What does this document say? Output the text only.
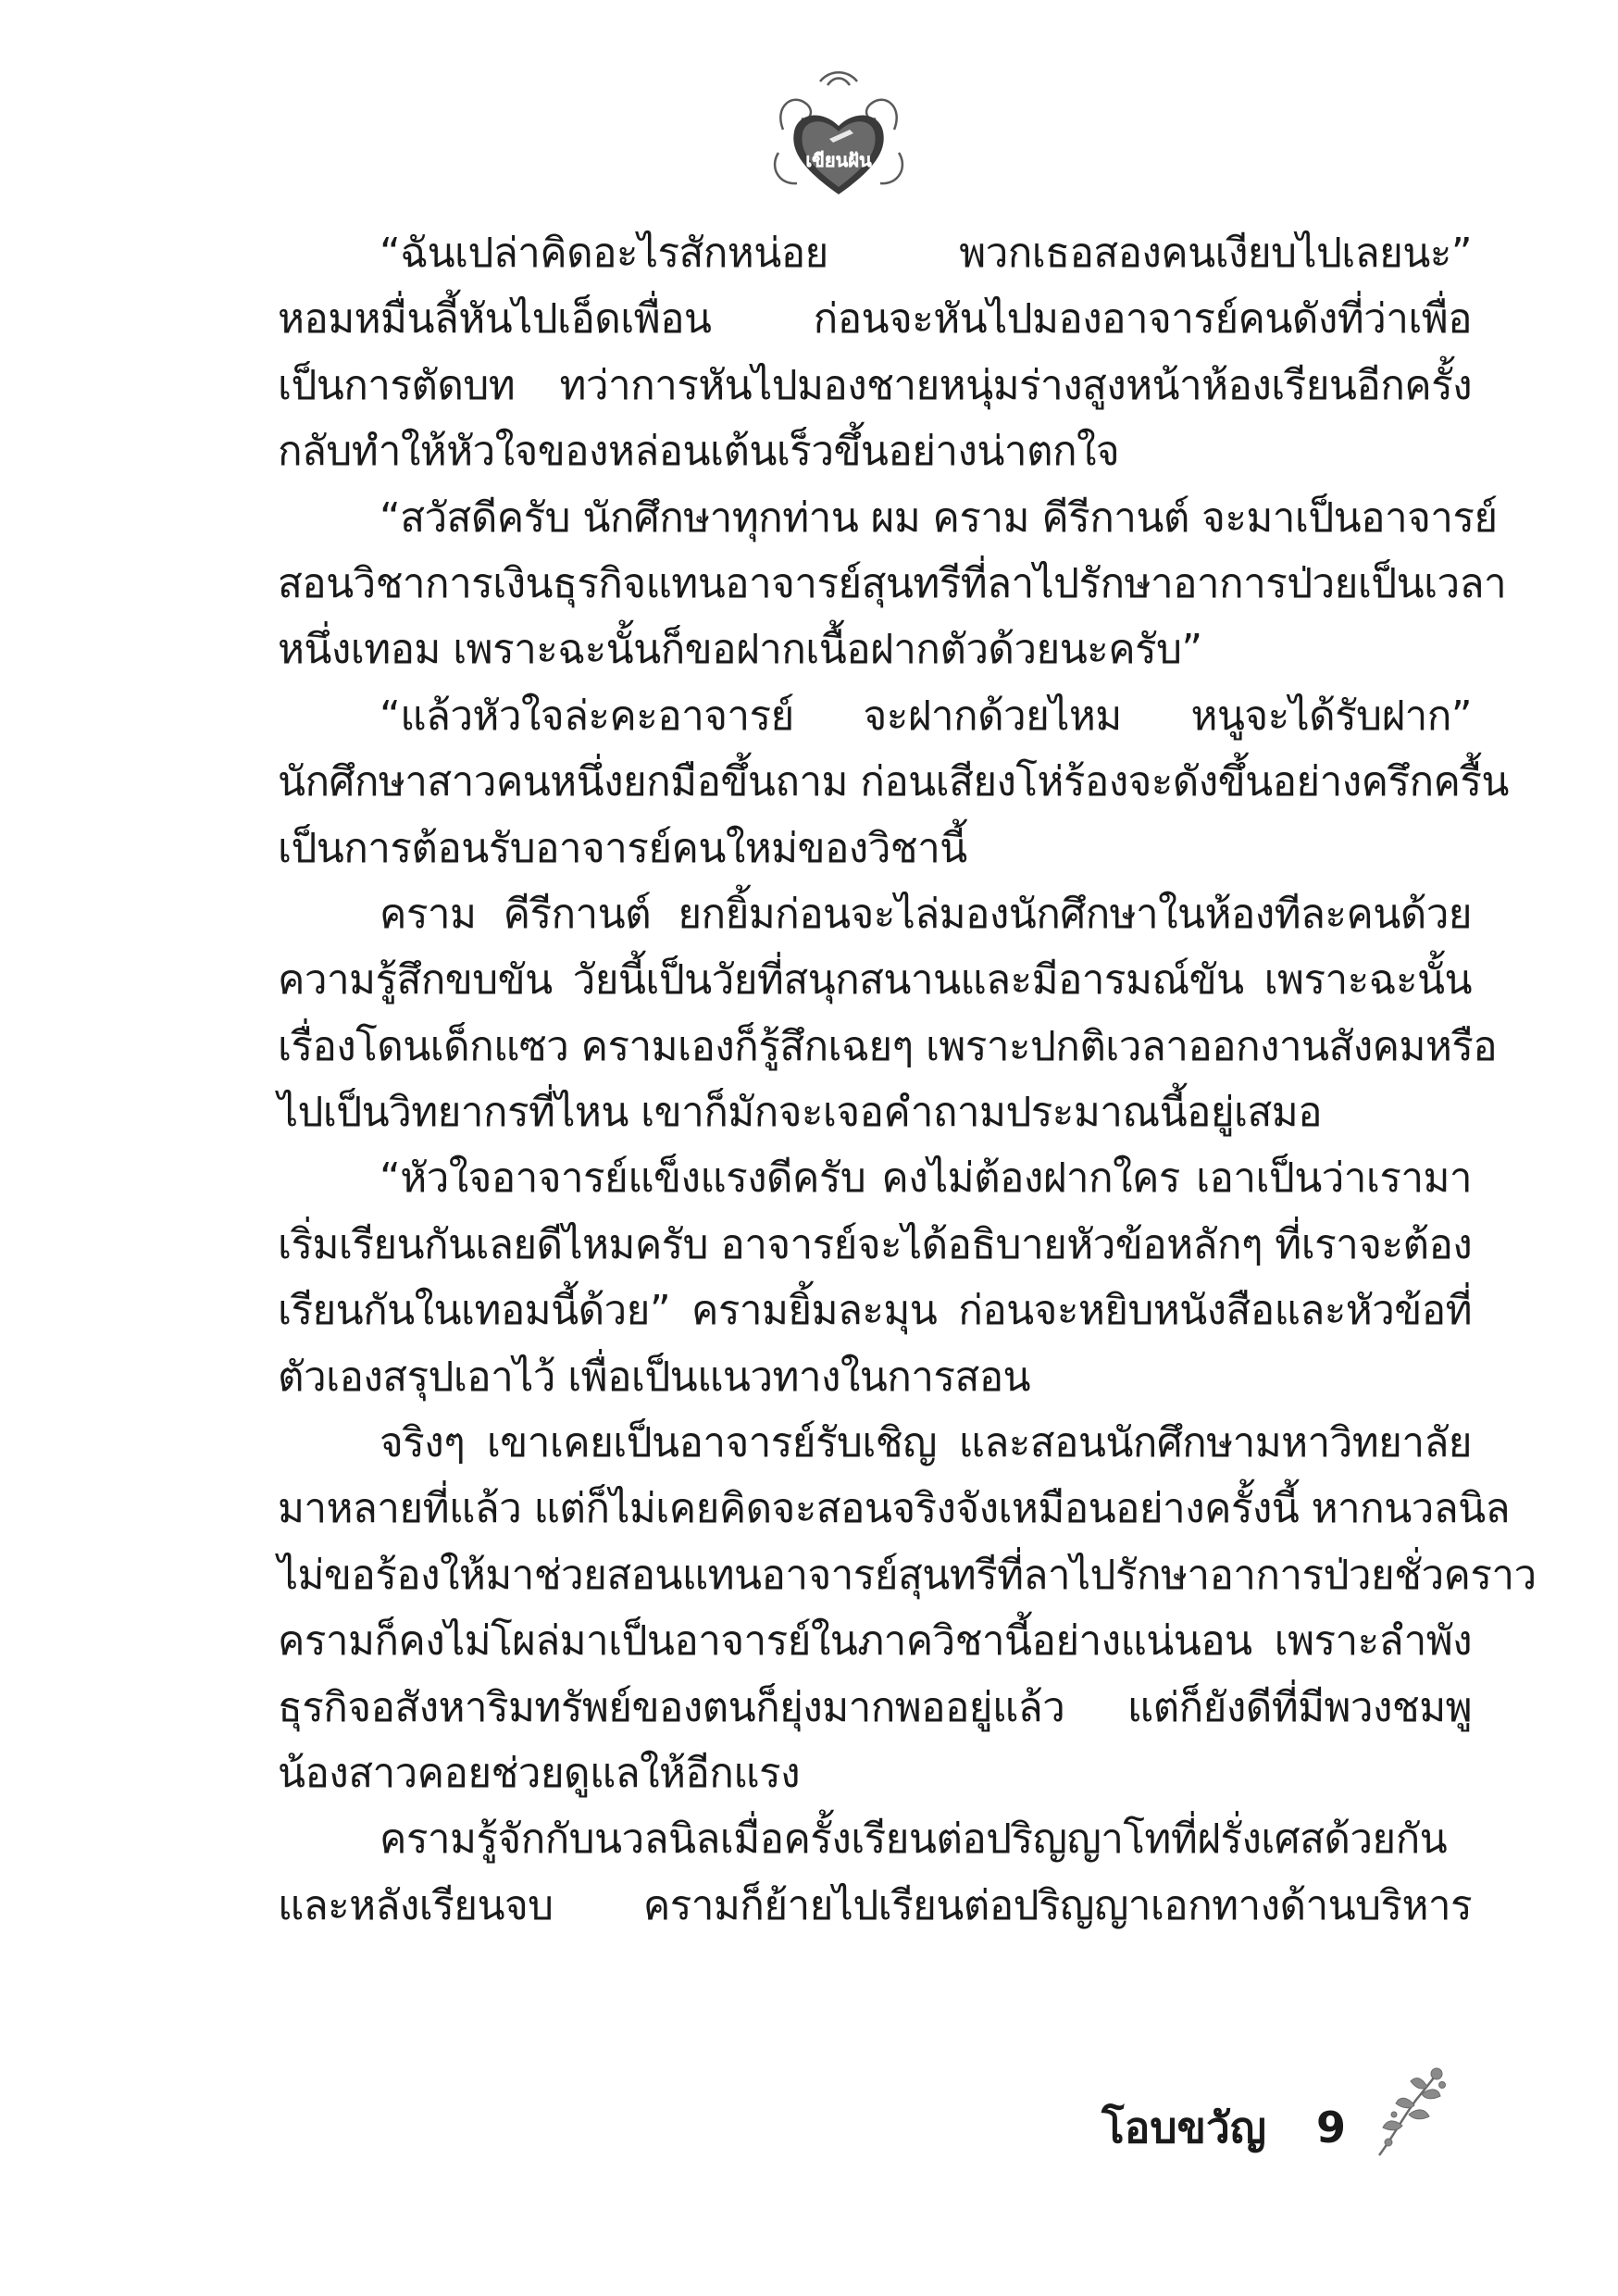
เขียนฝัน
“ฉันเปล่าคิดอะไรสักหน่อย พวกเธอสองคนเงียบไปเลยนะ”
หอมหมื่นลี้หันไปเอ็ดเพื่อน ก่อนจะหันไปมองอาจารย์คนดังที่ว่าเพื่อ
เป็นการตัดบท ทว่าการหันไปมองชายหนุ่มร่างสูงหน้าห้องเรียนอีกครั้ง
กลับทำให้หัวใจของหล่อนเต้นเร็วขึ้นอย่างน่าตกใจ
“สวัสดีครับ นักศึกษาทุกท่าน ผม คราม คีรีกานต์ จะมาเป็นอาจารย์
สอนวิชาการเงินธุรกิจแทนอาจารย์สุนทรีที่ลาไปรักษาอาการป่วยเป็นเวลา
หนึ่งเทอม เพราะฉะนั้นก็ขอฝากเนื้อฝากตัวด้วยนะครับ”
“แล้วหัวใจล่ะคะอาจารย์ จะฝากด้วยไหม หนูจะได้รับฝาก”
นักศึกษาสาวคนหนึ่งยกมือขึ้นถาม ก่อนเสียงโห่ร้องจะดังขึ้นอย่างครึกครื้น
เป็นการต้อนรับอาจารย์คนใหม่ของวิชานี้
คราม คีรีกานต์ ยกยิ้มก่อนจะไล่มองนักศึกษาในห้องทีละคนด้วย
ความรู้สึกขบขัน วัยนี้เป็นวัยที่สนุกสนานและมีอารมณ์ขัน เพราะฉะนั้น
เรื่องโดนเด็กแซว ครามเองก็รู้สึกเฉยๆ เพราะปกติเวลาออกงานสังคมหรือ
ไปเป็นวิทยากรที่ไหน เขาก็มักจะเจอคำถามประมาณนี้อยู่เสมอ
“หัวใจอาจารย์แข็งแรงดีครับ คงไม่ต้องฝากใคร เอาเป็นว่าเรามา
เริ่มเรียนกันเลยดีไหมครับ อาจารย์จะได้อธิบายหัวข้อหลักๆ ที่เราจะต้อง
เรียนกันในเทอมนี้ด้วย” ครามยิ้มละมุน ก่อนจะหยิบหนังสือและหัวข้อที่
ตัวเองสรุปเอาไว้ เพื่อเป็นแนวทางในการสอน
จริงๆ เขาเคยเป็นอาจารย์รับเชิญ และสอนนักศึกษามหาวิทยาลัย
มาหลายที่แล้ว แต่ก็ไม่เคยคิดจะสอนจริงจังเหมือนอย่างครั้งนี้ หากนวลนิล
ไม่ขอร้องให้มาช่วยสอนแทนอาจารย์สุนทรีที่ลาไปรักษาอาการป่วยชั่วคราว
ครามก็คงไม่โผล่มาเป็นอาจารย์ในภาควิชานี้อย่างแน่นอน เพราะลำพัง
ธุรกิจอสังหาริมทรัพย์ของตนก็ยุ่งมากพออยู่แล้ว แต่ก็ยังดีที่มีพวงชมพู
น้องสาวคอยช่วยดูแลให้อีกแรง
ครามรู้จักกับนวลนิลเมื่อครั้งเรียนต่อปริญญาโทที่ฝรั่งเศสด้วยกัน
และหลังเรียนจบ ครามก็ย้ายไปเรียนต่อปริญญาเอกทางด้านบริหาร
โอบขวัญ 9
